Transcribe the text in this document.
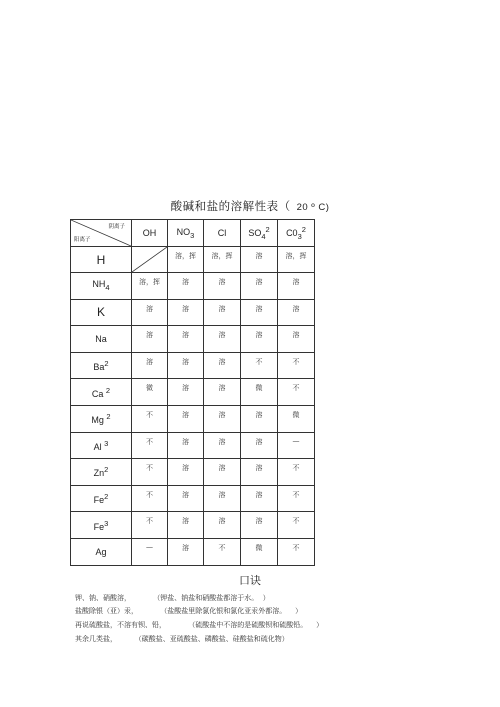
酸碱和盐的溶解性表（ 20 º C)
阴离子
阳离子	OH	$NO_3$	Cl	$SO_4^2$	$C0_3^2$
H		溶，挥	溶，挥	溶	溶，挥
$NH_4$	溶，挥	溶	溶	溶	溶
K	溶	溶	溶	溶	溶
Na	溶	溶	溶	溶	溶
Ba$^2$	溶	溶	溶	不	不
Ca $^2$	微	溶	溶	微	不
Mg $^2$	不	溶	溶	溶	微
Al $^3$	不	溶	溶	溶	—
Zn$^2$	不	溶	溶	溶	不
Fe$^2$	不	溶	溶	溶	不
Fe$^3$	不	溶	溶	溶	不
Ag	—	溶	不	微	不
口诀
钾、钠、硝酸溶，          （钾盐、钠盐和硝酸盐都溶于水。  ）
盐酸除银（亚）汞，          （盐酸盐里除氯化银和氯化亚汞外都溶。    ）
再说硫酸盐，不溶有钡、铅，          （硫酸盐中不溶的是硫酸钡和硫酸铅。    ）
其余几类盐，        （碳酸盐、亚硫酸盐、磷酸盐、硅酸盐和硫化物）
